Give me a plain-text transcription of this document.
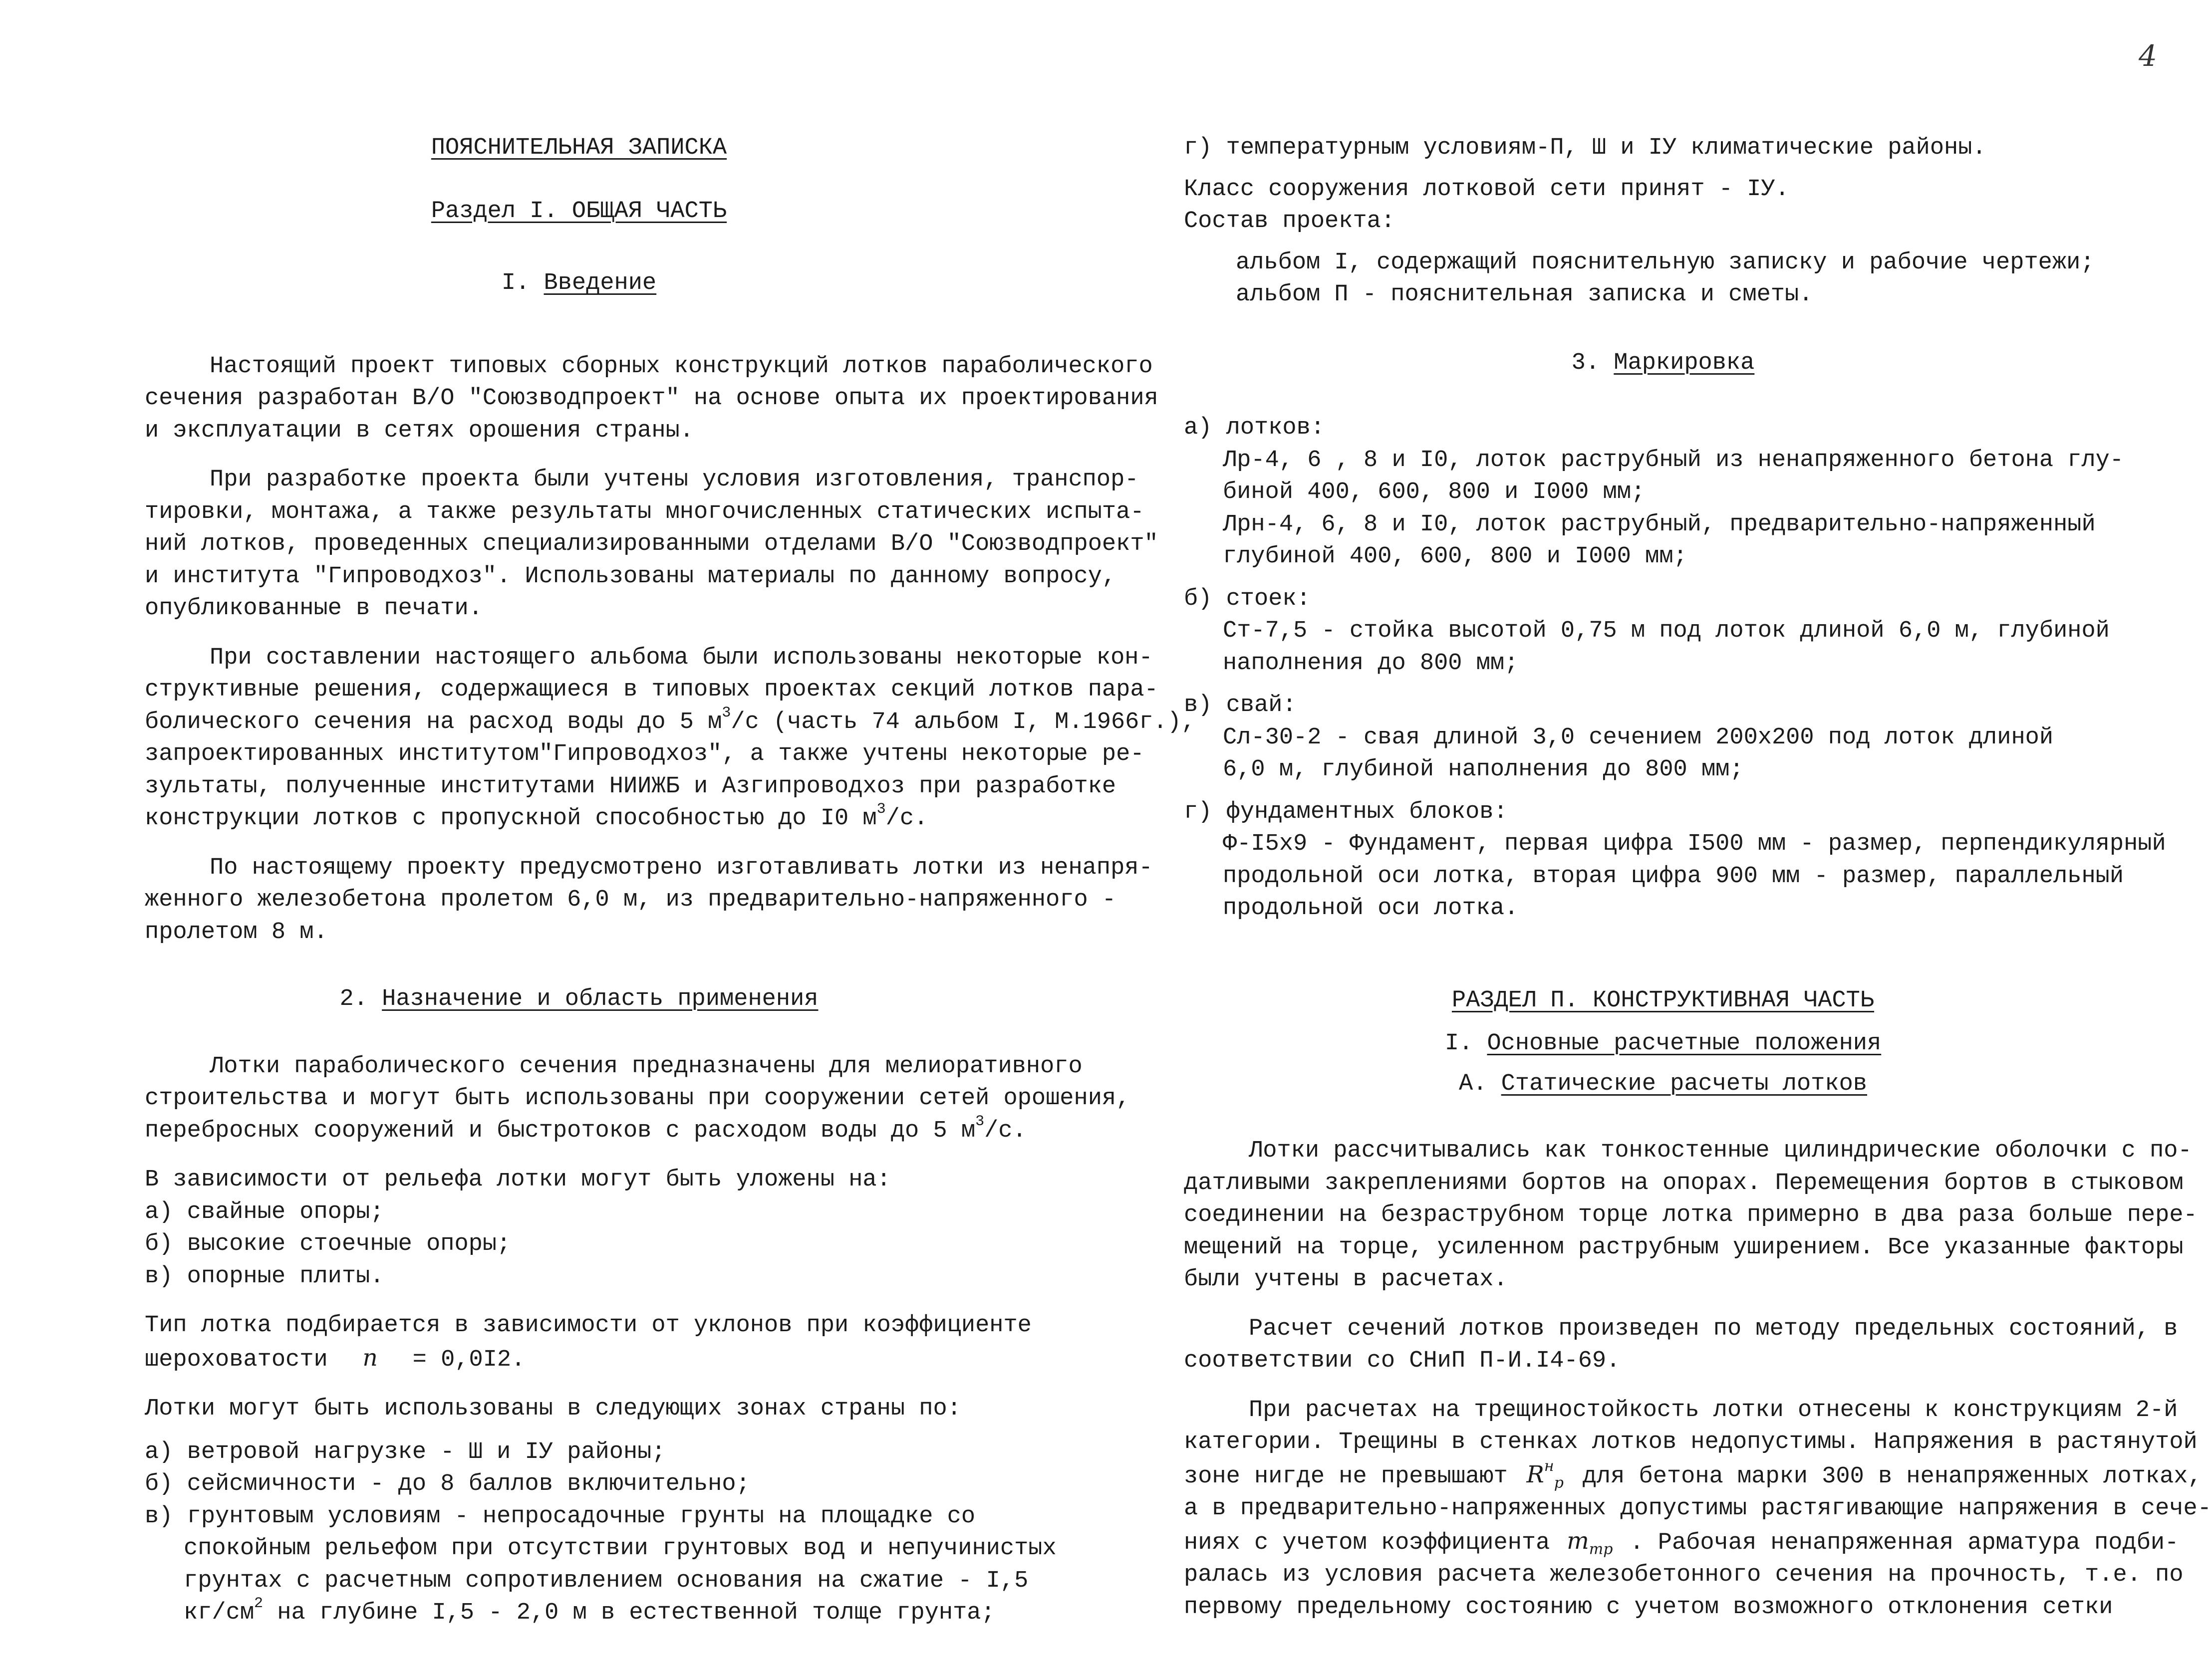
4
ПОЯСНИТЕЛЬНАЯ ЗАПИСКА
Раздел I. ОБЩАЯ ЧАСТЬ
I. Введение
Настоящий проект типовых сборных конструкций лотков параболического
сечения разработан В/О "Союзводпроект" на основе опыта их проектирования
и эксплуатации в сетях орошения страны.
При разработке проекта были учтены условия изготовления, транспор-
тировки, монтажа, а также результаты многочисленных статических испыта-
ний лотков, проведенных специализированными отделами В/О "Союзводпроект"
и института "Гипроводхоз". Использованы материалы по данному вопросу,
опубликованные в печати.
При составлении настоящего альбома были использованы некоторые кон-
структивные решения, содержащиеся в типовых проектах секций лотков пара-
болического сечения на расход воды до 5 $м^3/с$ (часть 74 альбом I, М.1966г.),
запроектированных институтом"Гипроводхоз", а также учтены некоторые ре-
зультаты, полученные институтами НИИЖБ и Азгипроводхоз при разработке
конструкции лотков с пропускной способностью до I0 $м^3/с$.
По настоящему проекту предусмотрено изготавливать лотки из ненапря-
женного железобетона пролетом 6,0 м, из предварительно-напряженного -
пролетом 8 м.
2. Назначение и область применения
Лотки параболического сечения предназначены для мелиоративного
строительства и могут быть использованы при сооружении сетей орошения,
перебросных сооружений и быстротоков с расходом воды до 5 $м^3/с$.
В зависимости от рельефа лотки могут быть уложены на:
а) свайные опоры;
б) высокие стоечные опоры;
в) опорные плиты.
Тип лотка подбирается в зависимости от уклонов при коэффициенте
шероховатости n = 0,0I2.
Лотки могут быть использованы в следующих зонах страны по:
а) ветровой нагрузке - Ш и IУ районы;
б) сейсмичности - до 8 баллов включительно;
в) грунтовым условиям - непросадочные грунты на площадке со
спокойным рельефом при отсутствии грунтовых вод и непучинистых
грунтах с расчетным сопротивлением основания на сжатие - I,5
$кг/см^2$ на глубине I,5 - 2,0 м в естественной толще грунта;
г) температурным условиям-П, Ш и IУ климатические районы.
Класс сооружения лотковой сети принят - IУ.
Состав проекта:
альбом I, содержащий пояснительную записку и рабочие чертежи;
альбом П - пояснительная записка и сметы.
3. Маркировка
а) лотков:
Лр-4, 6 , 8 и I0, лоток раструбный из ненапряженного бетона глу-
биной 400, 600, 800 и I000 мм;
Лрн-4, 6, 8 и I0, лоток раструбный, предварительно-напряженный
глубиной 400, 600, 800 и I000 мм;
б) стоек:
Ст-7,5 - стойка высотой 0,75 м под лоток длиной 6,0 м, глубиной
наполнения до 800 мм;
в) свай:
Сл-30-2 - свая длиной 3,0 сечением 200х200 под лоток длиной
6,0 м, глубиной наполнения до 800 мм;
г) фундаментных блоков:
Ф-I5х9 - Фундамент, первая цифра I500 мм - размер, перпендикулярный
продольной оси лотка, вторая цифра 900 мм - размер, параллельный
продольной оси лотка.
РАЗДЕЛ П. КОНСТРУКТИВНАЯ ЧАСТЬ
I. Основные расчетные положения
А. Статические расчеты лотков
Лотки рассчитывались как тонкостенные цилиндрические оболочки с по-
датливыми закреплениями бортов на опорах. Перемещения бортов в стыковом
соединении на безраструбном торце лотка примерно в два раза больше пере-
мещений на торце, усиленном раструбным уширением. Все указанные факторы
были учтены в расчетах.
Расчет сечений лотков произведен по методу предельных состояний, в
соответствии со СНиП П-И.I4-69.
При расчетах на трещиностойкость лотки отнесены к конструкциям 2-й
категории. Трещины в стенках лотков недопустимы. Напряжения в растянутой
зоне нигде не превышают $R^н_р$ для бетона марки 300 в ненапряженных лотках,
а в предварительно-напряженных допустимы растягивающие напряжения в сече-
ниях с учетом коэффициента $m_{тр}$ . Рабочая ненапряженная арматура подби-
ралась из условия расчета железобетонного сечения на прочность, т.е. по
первому предельному состоянию с учетом возможного отклонения сетки
